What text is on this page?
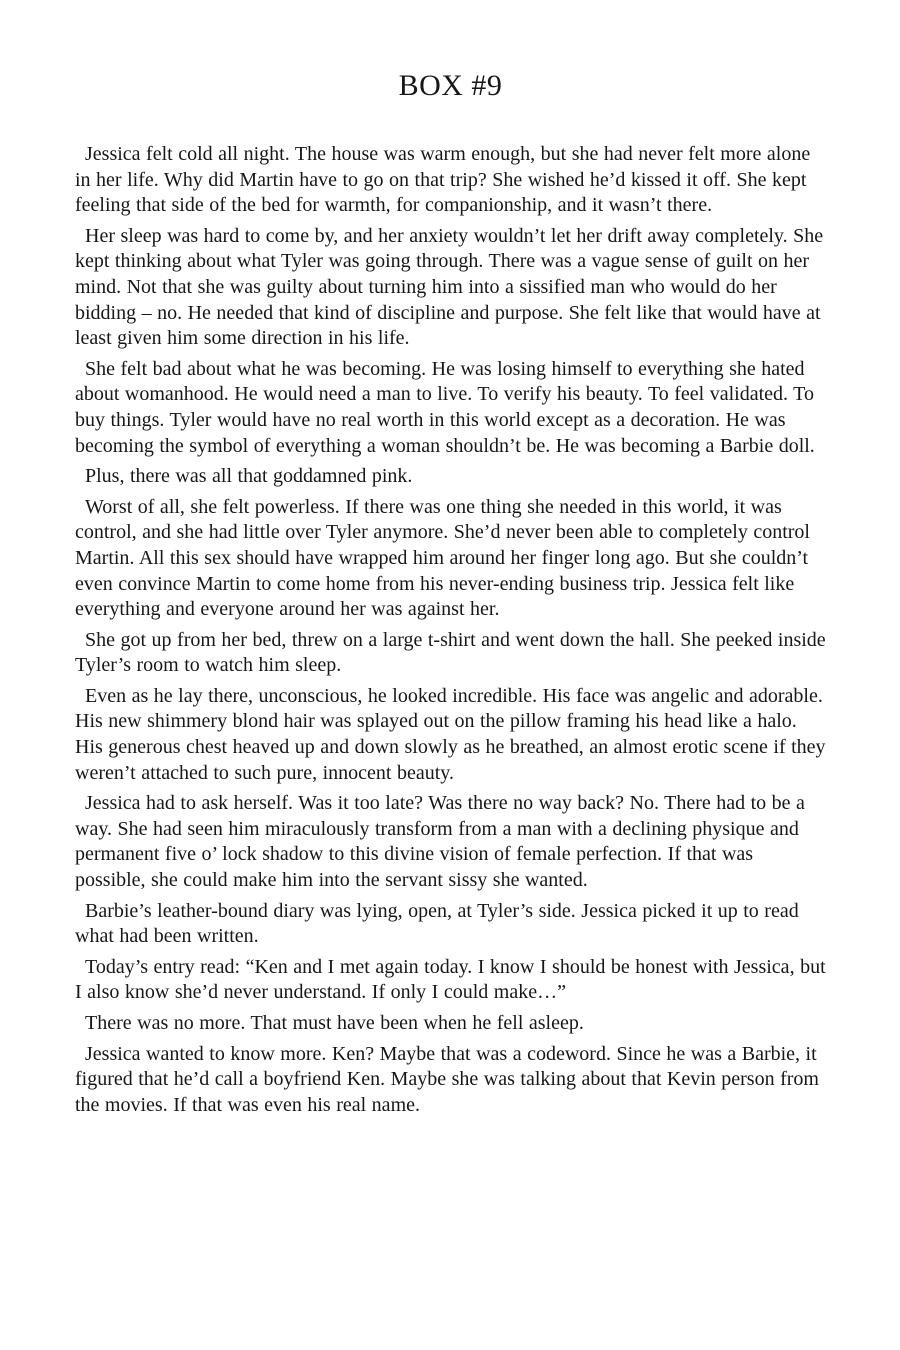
BOX #9

Jessica felt cold all night. The house was warm enough, but she had never felt more alone in her life. Why did Martin have to go on that trip? She wished he’d kissed it off. She kept feeling that side of the bed for warmth, for companionship, and it wasn’t there.

Her sleep was hard to come by, and her anxiety wouldn’t let her drift away completely. She kept thinking about what Tyler was going through. There was a vague sense of guilt on her mind. Not that she was guilty about turning him into a sissified man who would do her bidding – no. He needed that kind of discipline and purpose. She felt like that would have at least given him some direction in his life.

She felt bad about what he was becoming. He was losing himself to everything she hated about womanhood. He would need a man to live. To verify his beauty. To feel validated. To buy things. Tyler would have no real worth in this world except as a decoration. He was becoming the symbol of everything a woman shouldn’t be. He was becoming a Barbie doll.

Plus, there was all that goddamned pink.

Worst of all, she felt powerless. If there was one thing she needed in this world, it was control, and she had little over Tyler anymore. She’d never been able to completely control Martin. All this sex should have wrapped him around her finger long ago. But she couldn’t even convince Martin to come home from his never-ending business trip. Jessica felt like everything and everyone around her was against her.

She got up from her bed, threw on a large t-shirt and went down the hall. She peeked inside Tyler’s room to watch him sleep.

Even as he lay there, unconscious, he looked incredible. His face was angelic and adorable. His new shimmery blond hair was splayed out on the pillow framing his head like a halo. His generous chest heaved up and down slowly as he breathed, an almost erotic scene if they weren’t attached to such pure, innocent beauty.

Jessica had to ask herself. Was it too late? Was there no way back? No. There had to be a way. She had seen him miraculously transform from a man with a declining physique and permanent five o’ lock shadow to this divine vision of female perfection. If that was possible, she could make him into the servant sissy she wanted.

Barbie’s leather-bound diary was lying, open, at Tyler’s side. Jessica picked it up to read what had been written.

Today’s entry read: “Ken and I met again today. I know I should be honest with Jessica, but I also know she’d never understand. If only I could make…”

There was no more. That must have been when he fell asleep.

Jessica wanted to know more. Ken? Maybe that was a codeword. Since he was a Barbie, it figured that he’d call a boyfriend Ken. Maybe she was talking about that Kevin person from the movies. If that was even his real name.
